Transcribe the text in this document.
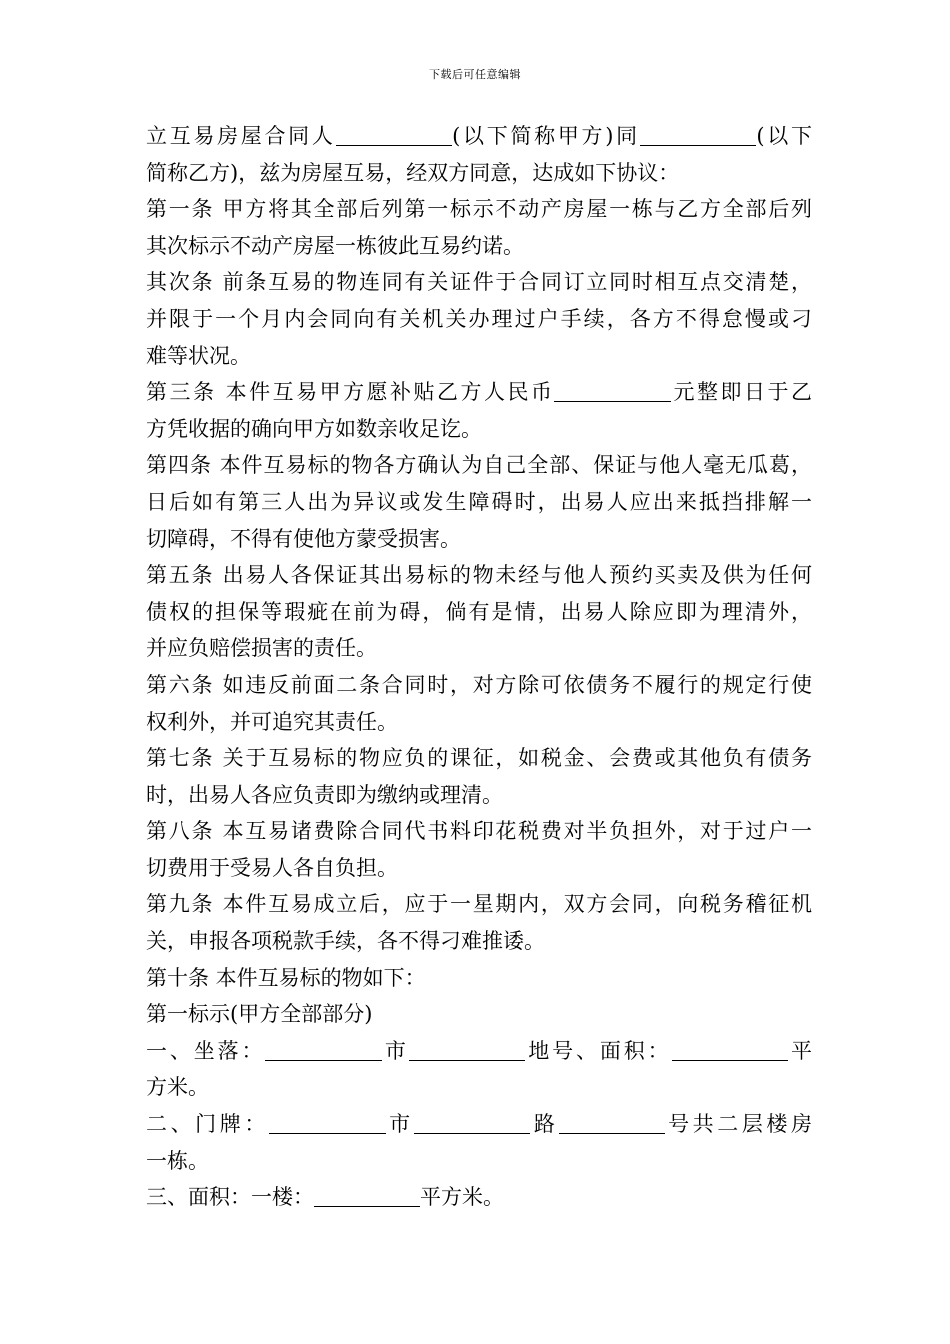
下载后可任意编辑
立互易房屋合同人	(以下简称甲方)同	(以下
简称乙方)，兹为房屋互易，经双方同意，达成如下协议：
第一条 甲方将其全部后列第一标示不动产房屋一栋与乙方全部后列
其次标示不动产房屋一栋彼此互易约诺。
其次条 前条互易的物连同有关证件于合同订立同时相互点交清楚，
并限于一个月内会同向有关机关办理过户手续，各方不得怠慢或刁
难等状况。
第三条 本件互易甲方愿补贴乙方人民币	元整即日于乙
方凭收据的确向甲方如数亲收足讫。
第四条 本件互易标的物各方确认为自己全部、保证与他人毫无瓜葛，
日后如有第三人出为异议或发生障碍时，出易人应出来抵挡排解一
切障碍，不得有使他方蒙受损害。
第五条 出易人各保证其出易标的物未经与他人预约买卖及供为任何
债权的担保等瑕疵在前为碍，倘有是情，出易人除应即为理清外，
并应负赔偿损害的责任。
第六条 如违反前面二条合同时，对方除可依债务不履行的规定行使
权利外，并可追究其责任。
第七条 关于互易标的物应负的课征，如税金、会费或其他负有债务
时，出易人各应负责即为缴纳或理清。
第八条 本互易诸费除合同代书料印花税费对半负担外，对于过户一
切费用于受易人各自负担。
第九条 本件互易成立后，应于一星期内，双方会同，向税务稽征机
关，申报各项税款手续，各不得刁难推诿。
第十条 本件互易标的物如下：
第一标示(甲方全部部分)
一、坐落：	市	地号、面积：	平
方米。
二、门牌：	市	路	号共二层楼房
一栋。
三、面积：一楼：	平方米。
